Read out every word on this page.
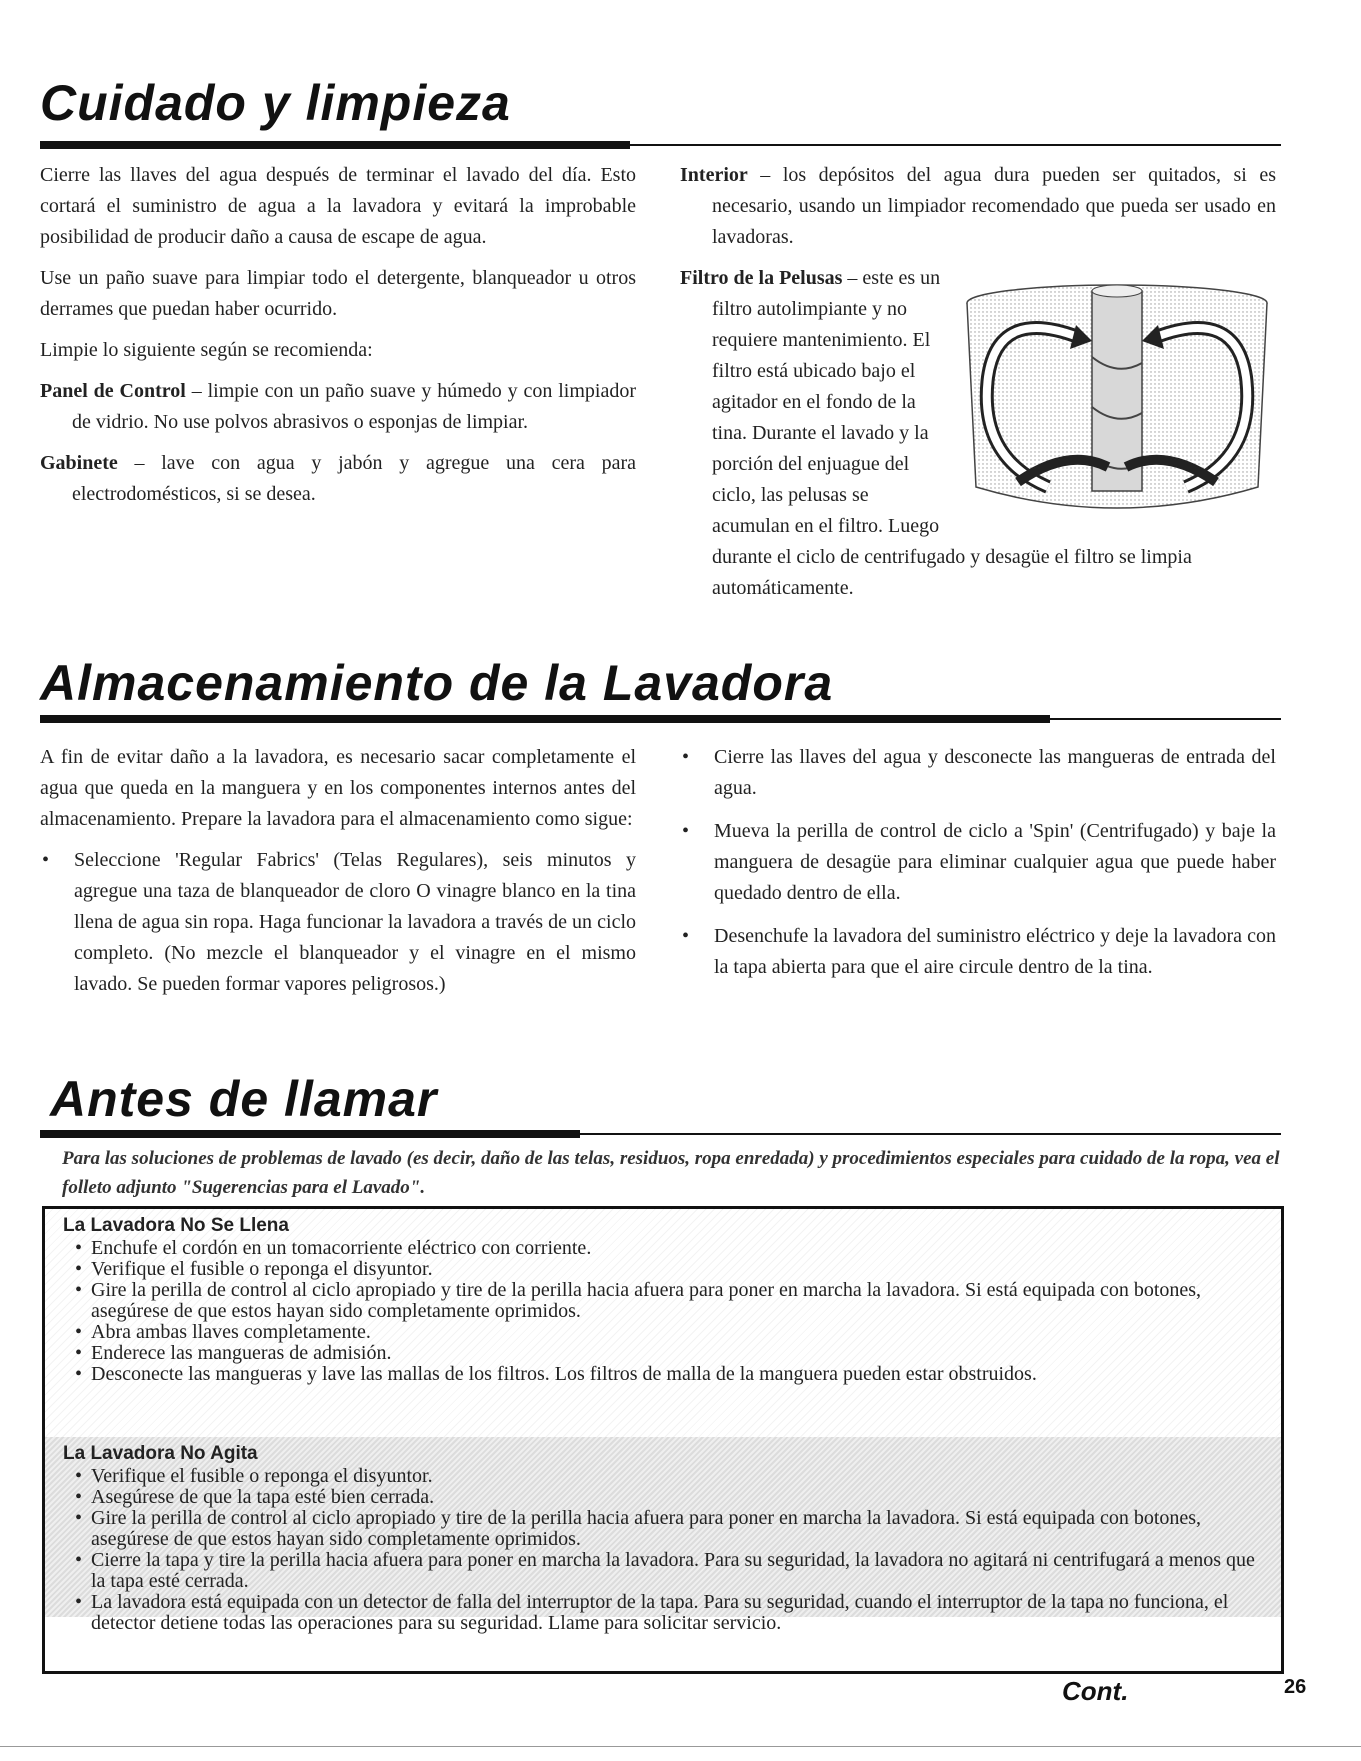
Cuidado y limpieza

Cierre las llaves del agua después de terminar el lavado del día. Esto cortará el suministro de agua a la lavadora y evitará la improbable posibilidad de producir daño a causa de escape de agua.

Use un paño suave para limpiar todo el detergente, blanqueador u otros derrames que puedan haber ocurrido.

Limpie lo siguiente según se recomienda:

Panel de Control – limpie con un paño suave y húmedo y con limpiador de vidrio. No use polvos abrasivos o esponjas de limpiar.
Gabinete – lave con agua y jabón y agregue una cera para electrodomésticos, si se desea.
Interior – los depósitos del agua dura pueden ser quitados, si es necesario, usando un limpiador recomendado que pueda ser usado en lavadoras.
Filtro de la Pelusas – este es un filtro autolimpiante y no requiere mantenimiento. El filtro está ubicado bajo el agitador en el fondo de la tina. Durante el lavado y la porción del enjuague del ciclo, las pelusas se acumulan en el filtro. Luego durante el ciclo de centrifugado y desagüe el filtro se limpia automáticamente.
Almacenamiento de la Lavadora

A fin de evitar daño a la lavadora, es necesario sacar completamente el agua que queda en la manguera y en los componentes internos antes del almacenamiento. Prepare la lavadora para el almacenamiento como sigue:

• Seleccione 'Regular Fabrics' (Telas Regulares), seis minutos y agregue una taza de blanqueador de cloro O vinagre blanco en la tina llena de agua sin ropa. Haga funcionar la lavadora a través de un ciclo completo. (No mezcle el blanqueador y el vinagre en el mismo lavado. Se pueden formar vapores peligrosos.)
• Cierre las llaves del agua y desconecte las mangueras de entrada del agua.
• Mueva la perilla de control de ciclo a 'Spin' (Centrifugado) y baje la manguera de desagüe para eliminar cualquier agua que puede haber quedado dentro de ella.
• Desenchufe la lavadora del suministro eléctrico y deje la lavadora con la tapa abierta para que el aire circule dentro de la tina.
Antes de llamar
Para las soluciones de problemas de lavado (es decir, daño de las telas, residuos, ropa enredada) y procedimientos especiales para cuidado de la ropa, vea el folleto adjunto "Sugerencias para el Lavado".
La Lavadora No Se Llena
• Enchufe el cordón en un tomacorriente eléctrico con corriente.
• Verifique el fusible o reponga el disyuntor.
• Gire la perilla de control al ciclo apropiado y tire de la perilla hacia afuera para poner en marcha la lavadora. Si está equipada con botones, asegúrese de que estos hayan sido completamente oprimidos.
• Abra ambas llaves completamente.
• Enderece las mangueras de admisión.
• Desconecte las mangueras y lave las mallas de los filtros. Los filtros de malla de la manguera pueden estar obstruidos.
La Lavadora No Agita
• Verifique el fusible o reponga el disyuntor.
• Asegúrese de que la tapa esté bien cerrada.
• Gire la perilla de control al ciclo apropiado y tire de la perilla hacia afuera para poner en marcha la lavadora. Si está equipada con botones, asegúrese de que estos hayan sido completamente oprimidos.
• Cierre la tapa y tire la perilla hacia afuera para poner en marcha la lavadora. Para su seguridad, la lavadora no agitará ni centrifugará a menos que la tapa esté cerrada.
• La lavadora está equipada con un detector de falla del interruptor de la tapa. Para su seguridad, cuando el interruptor de la tapa no funciona, el detector detiene todas las operaciones para su seguridad. Llame para solicitar servicio.
Cont.	26
